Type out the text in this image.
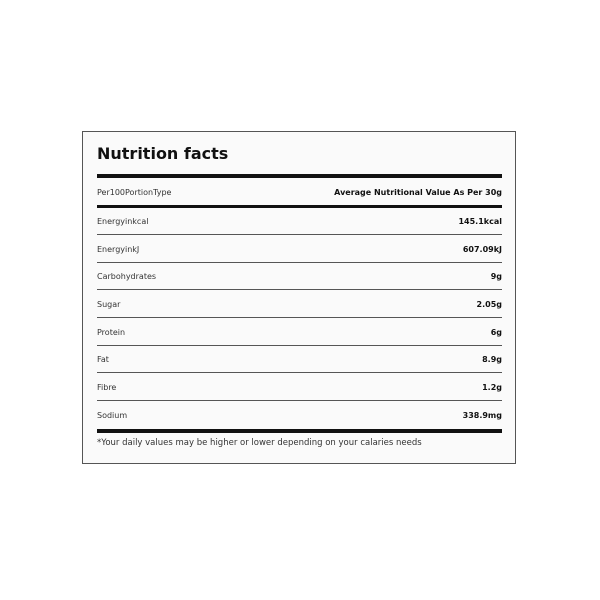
Nutrition facts
Per100PortionType	Average Nutritional Value As Per 30g
Energyinkcal	145.1kcal
EnergyinkJ	607.09kJ
Carbohydrates	9g
Sugar	2.05g
Protein	6g
Fat	8.9g
Fibre	1.2g
Sodium	338.9mg
*Your daily values may be higher or lower depending on your calaries needs
